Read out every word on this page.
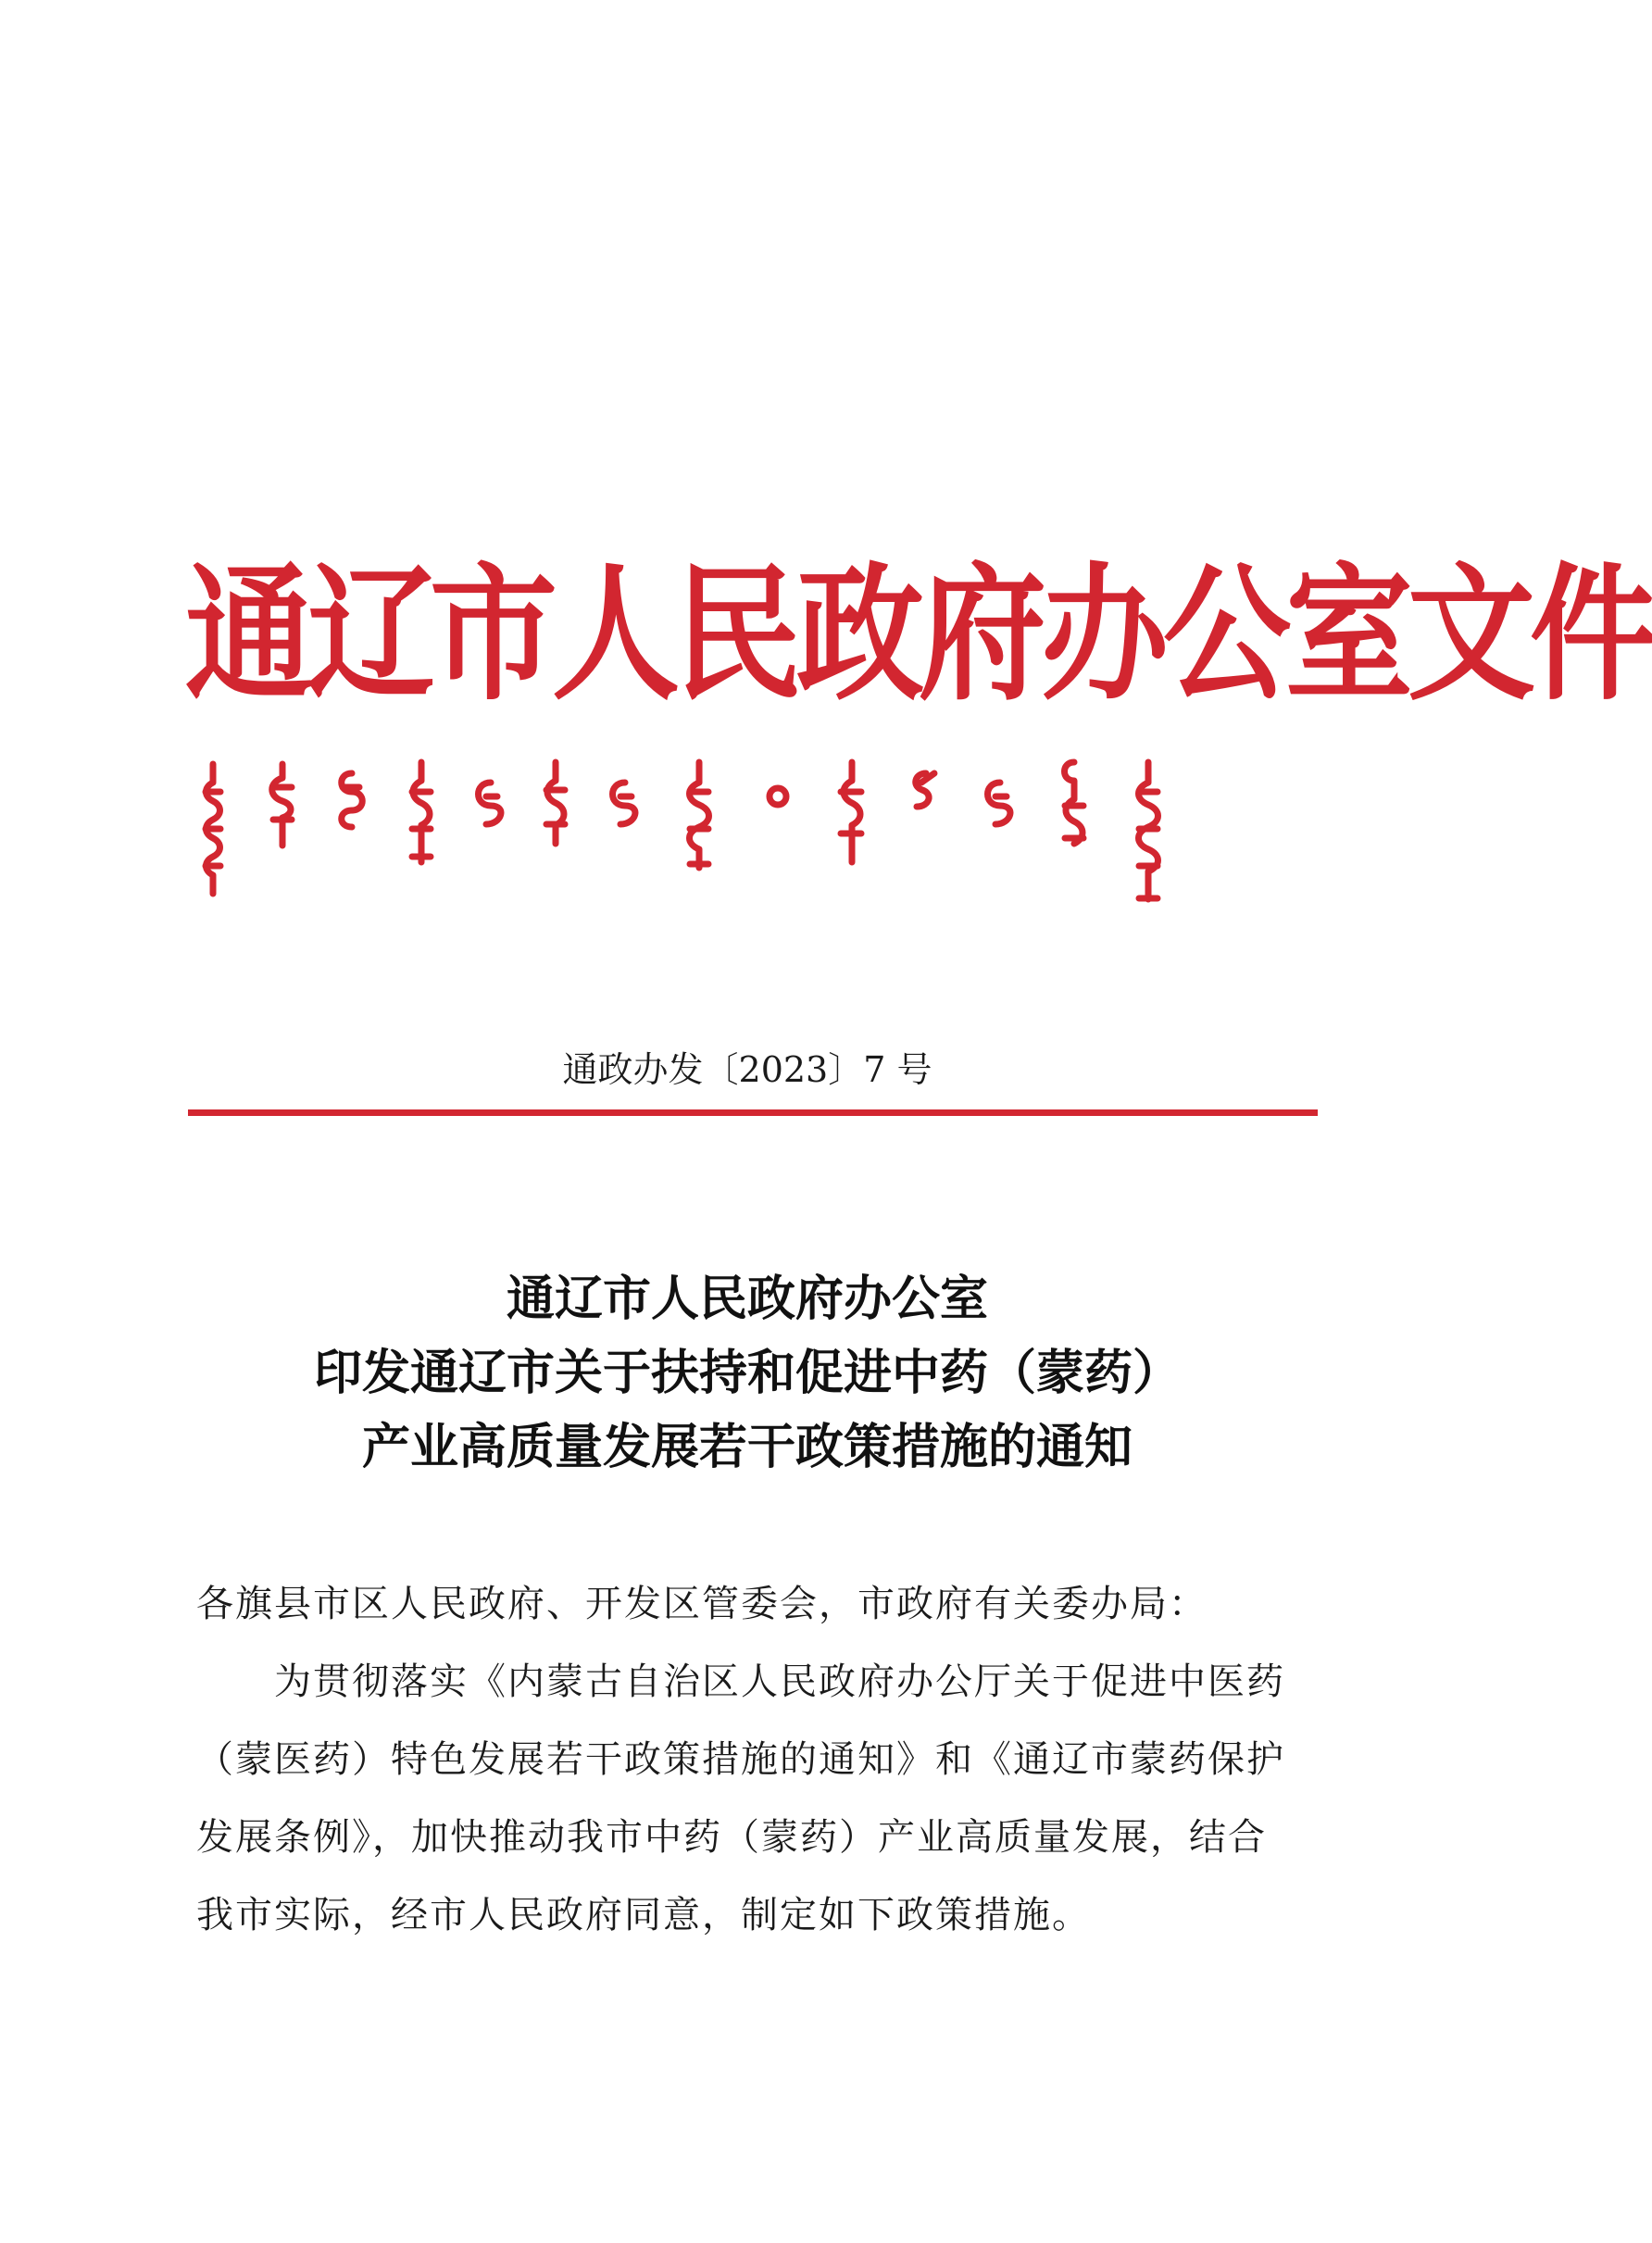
通辽市人民政府办公室文件
通政办发〔2023〕7 号
通辽市人民政府办公室
印发通辽市关于扶持和促进中药（蒙药）
产业高质量发展若干政策措施的通知
各旗县市区人民政府、开发区管委会，市政府有关委办局：
为贯彻落实《内蒙古自治区人民政府办公厅关于促进中医药
（蒙医药）特色发展若干政策措施的通知》和《通辽市蒙药保护
发展条例》，加快推动我市中药（蒙药）产业高质量发展，结合
我市实际，经市人民政府同意，制定如下政策措施。
